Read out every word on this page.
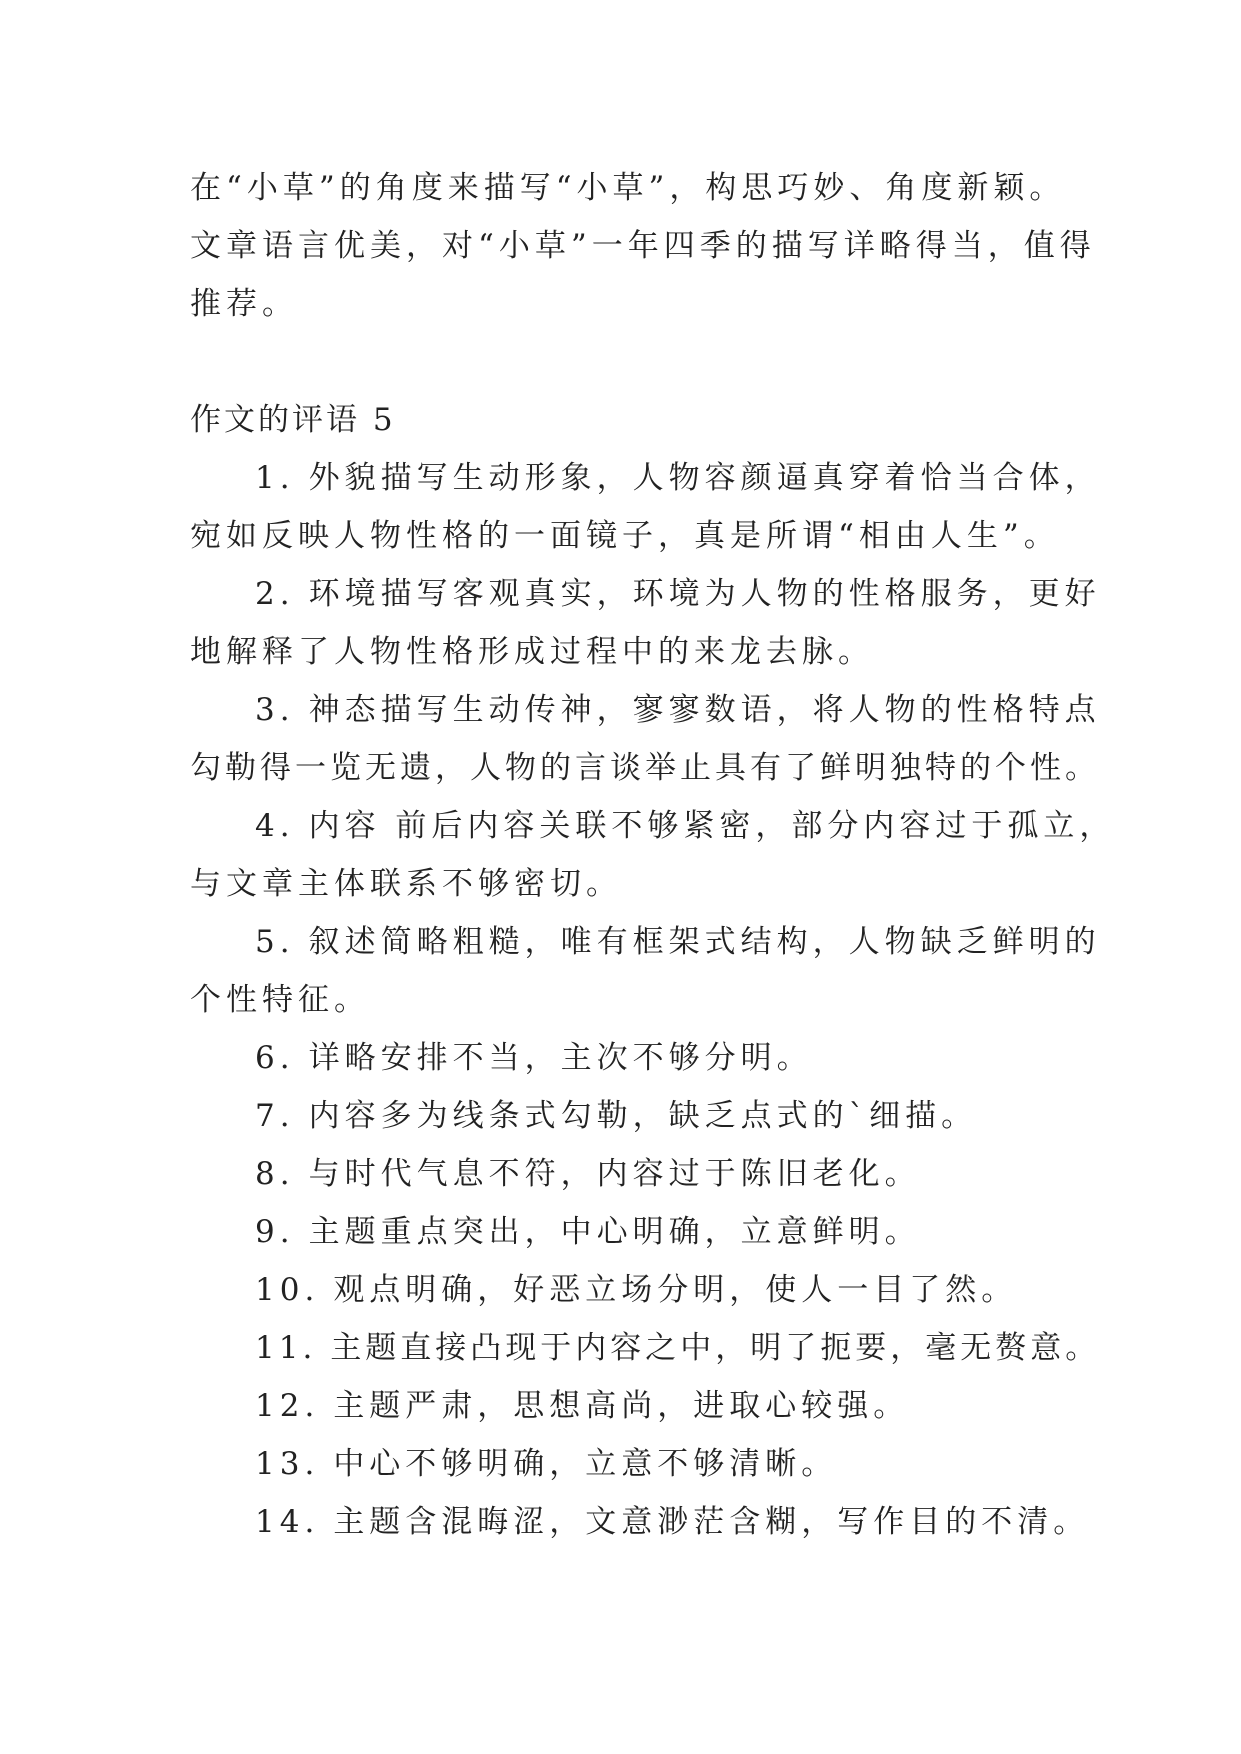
在“小草”的角度来描写“小草”，构思巧妙、角度新颖。
文章语言优美，对“小草”一年四季的描写详略得当，值得
推荐。
作文的评语 5
1. 外貌描写生动形象，人物容颜逼真穿着恰当合体，
宛如反映人物性格的一面镜子，真是所谓“相由人生”。
2. 环境描写客观真实，环境为人物的性格服务，更好
地解释了人物性格形成过程中的来龙去脉。
3. 神态描写生动传神，寥寥数语，将人物的性格特点
勾勒得一览无遗，人物的言谈举止具有了鲜明独特的个性。
4. 内容 前后内容关联不够紧密，部分内容过于孤立，
与文章主体联系不够密切。
5. 叙述简略粗糙，唯有框架式结构，人物缺乏鲜明的
个性特征。
6. 详略安排不当，主次不够分明。
7. 内容多为线条式勾勒，缺乏点式的`细描。
8. 与时代气息不符，内容过于陈旧老化。
9. 主题重点突出，中心明确，立意鲜明。
10. 观点明确，好恶立场分明，使人一目了然。
11. 主题直接凸现于内容之中，明了扼要，毫无赘意。
12. 主题严肃，思想高尚，进取心较强。
13. 中心不够明确，立意不够清晰。
14. 主题含混晦涩，文意渺茫含糊，写作目的不清。
